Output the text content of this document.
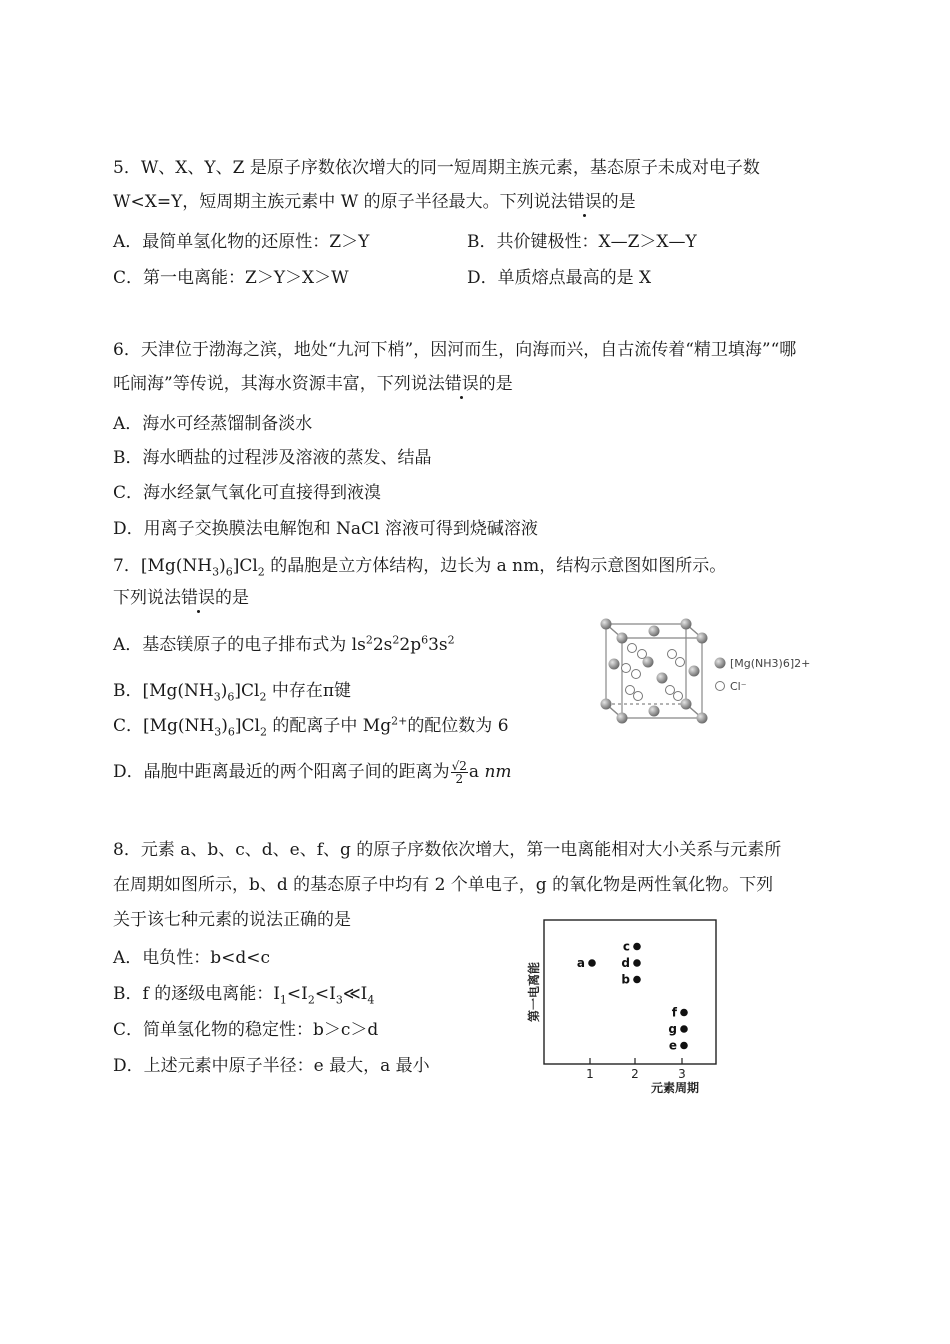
5．W、X、Y、Z 是原子序数依次增大的同一短周期主族元素，基态原子未成对电子数
W<X=Y，短周期主族元素中 W 的原子半径最大。下列说法错误的是
A．最简单氢化物的还原性：Z＞Y	B．共价键极性：X—Z＞X—Y
C．第一电离能：Z＞Y＞X＞W	D．单质熔点最高的是 X
6．天津位于渤海之滨，地处“九河下梢”，因河而生，向海而兴，自古流传着“精卫填海”“哪
吒闹海”等传说，其海水资源丰富，下列说法错误的是
A．海水可经蒸馏制备淡水
B．海水晒盐的过程涉及溶液的蒸发、结晶
C．海水经氯气氧化可直接得到液溴
D．用离子交换膜法电解饱和 NaCl 溶液可得到烧碱溶液
7．$[Mg(NH_3)_6]Cl_2$ 的晶胞是立方体结构，边长为 a nm，结构示意图如图所示。
下列说法错误的是
A．基态镁原子的电子排布式为 $ls^22s^22p^63s^2$
B．$[Mg(NH_3)_6]Cl_2$ 中存在π键
C．$[Mg(NH_3)_6]Cl_2$ 的配离子中 $Mg^{2+}$的配位数为 6
D．晶胞中距离最近的两个阳离子间的距离为 $\frac{√2}{2}$ a nm
[Mg(NH3)6]2+
Cl⁻
8．元素 a、b、c、d、e、f、g 的原子序数依次增大，第一电离能相对大小关系与元素所
在周期如图所示，b、d 的基态原子中均有 2 个单电子，g 的氧化物是两性氧化物。下列
关于该七种元素的说法正确的是
A．电负性：b<d<c
B．f 的逐级电离能：$I_1<I_2<I_3≪I_4$
C．简单氢化物的稳定性：b＞c＞d
D．上述元素中原子半径：e 最大，a 最小
第一电离能
1	2	3
a
c
d
b
f
g
e
元素周期
